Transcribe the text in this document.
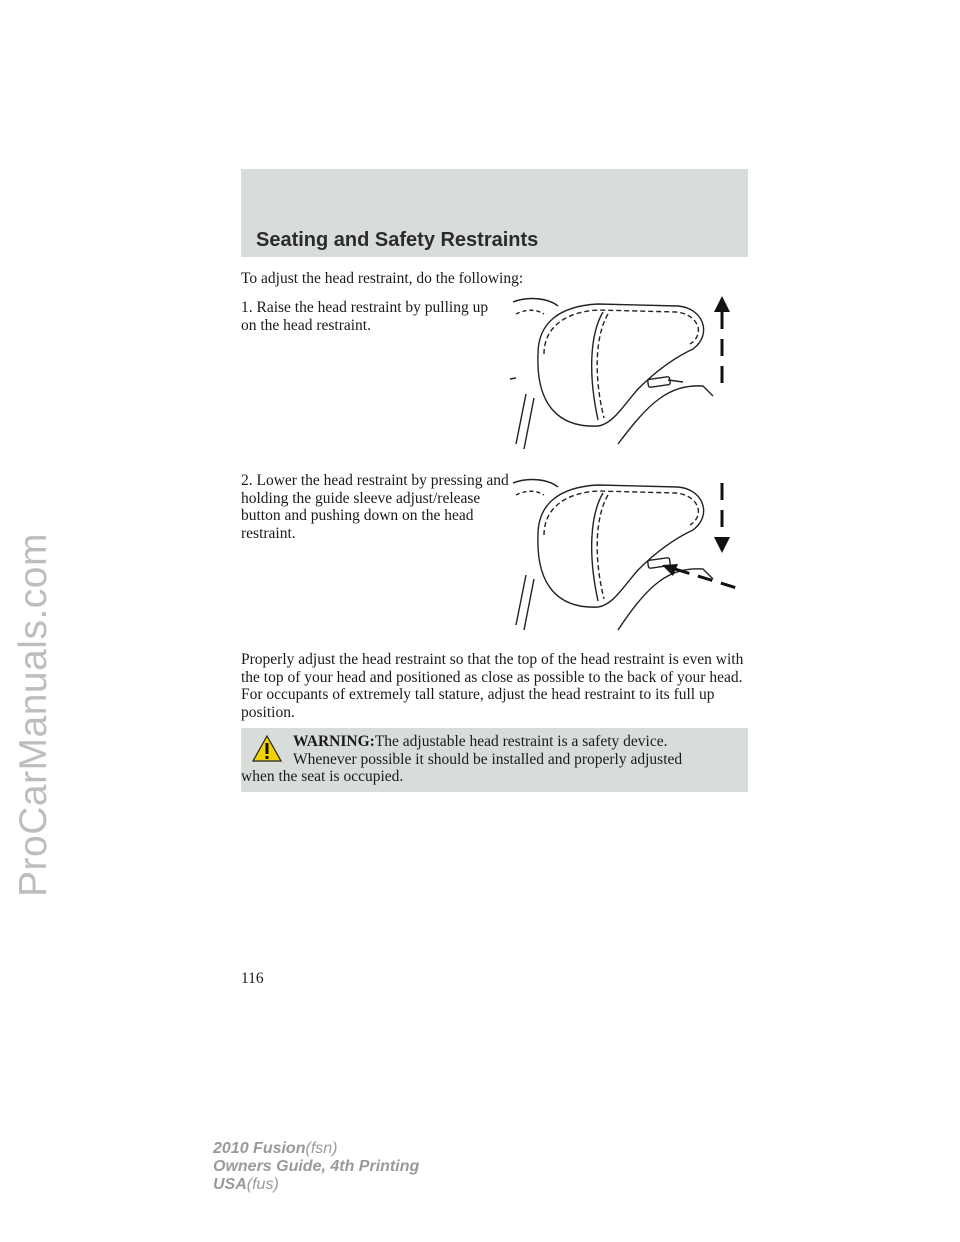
ProCarManuals.com
Seating and Safety Restraints
To adjust the head restraint, do the following:
1. Raise the head restraint by pulling up on the head restraint.
2. Lower the head restraint by pressing and holding the guide sleeve adjust/release button and pushing down on the head restraint.
Properly adjust the head restraint so that the top of the head restraint is even with the top of your head and positioned as close as possible to the back of your head. For occupants of extremely tall stature, adjust the head restraint to its full up position.
WARNING:The adjustable head restraint is a safety device.
Whenever possible it should be installed and properly adjusted
when the seat is occupied.
116
2010 Fusion(fsn)
Owners Guide, 4th Printing
USA(fus)
